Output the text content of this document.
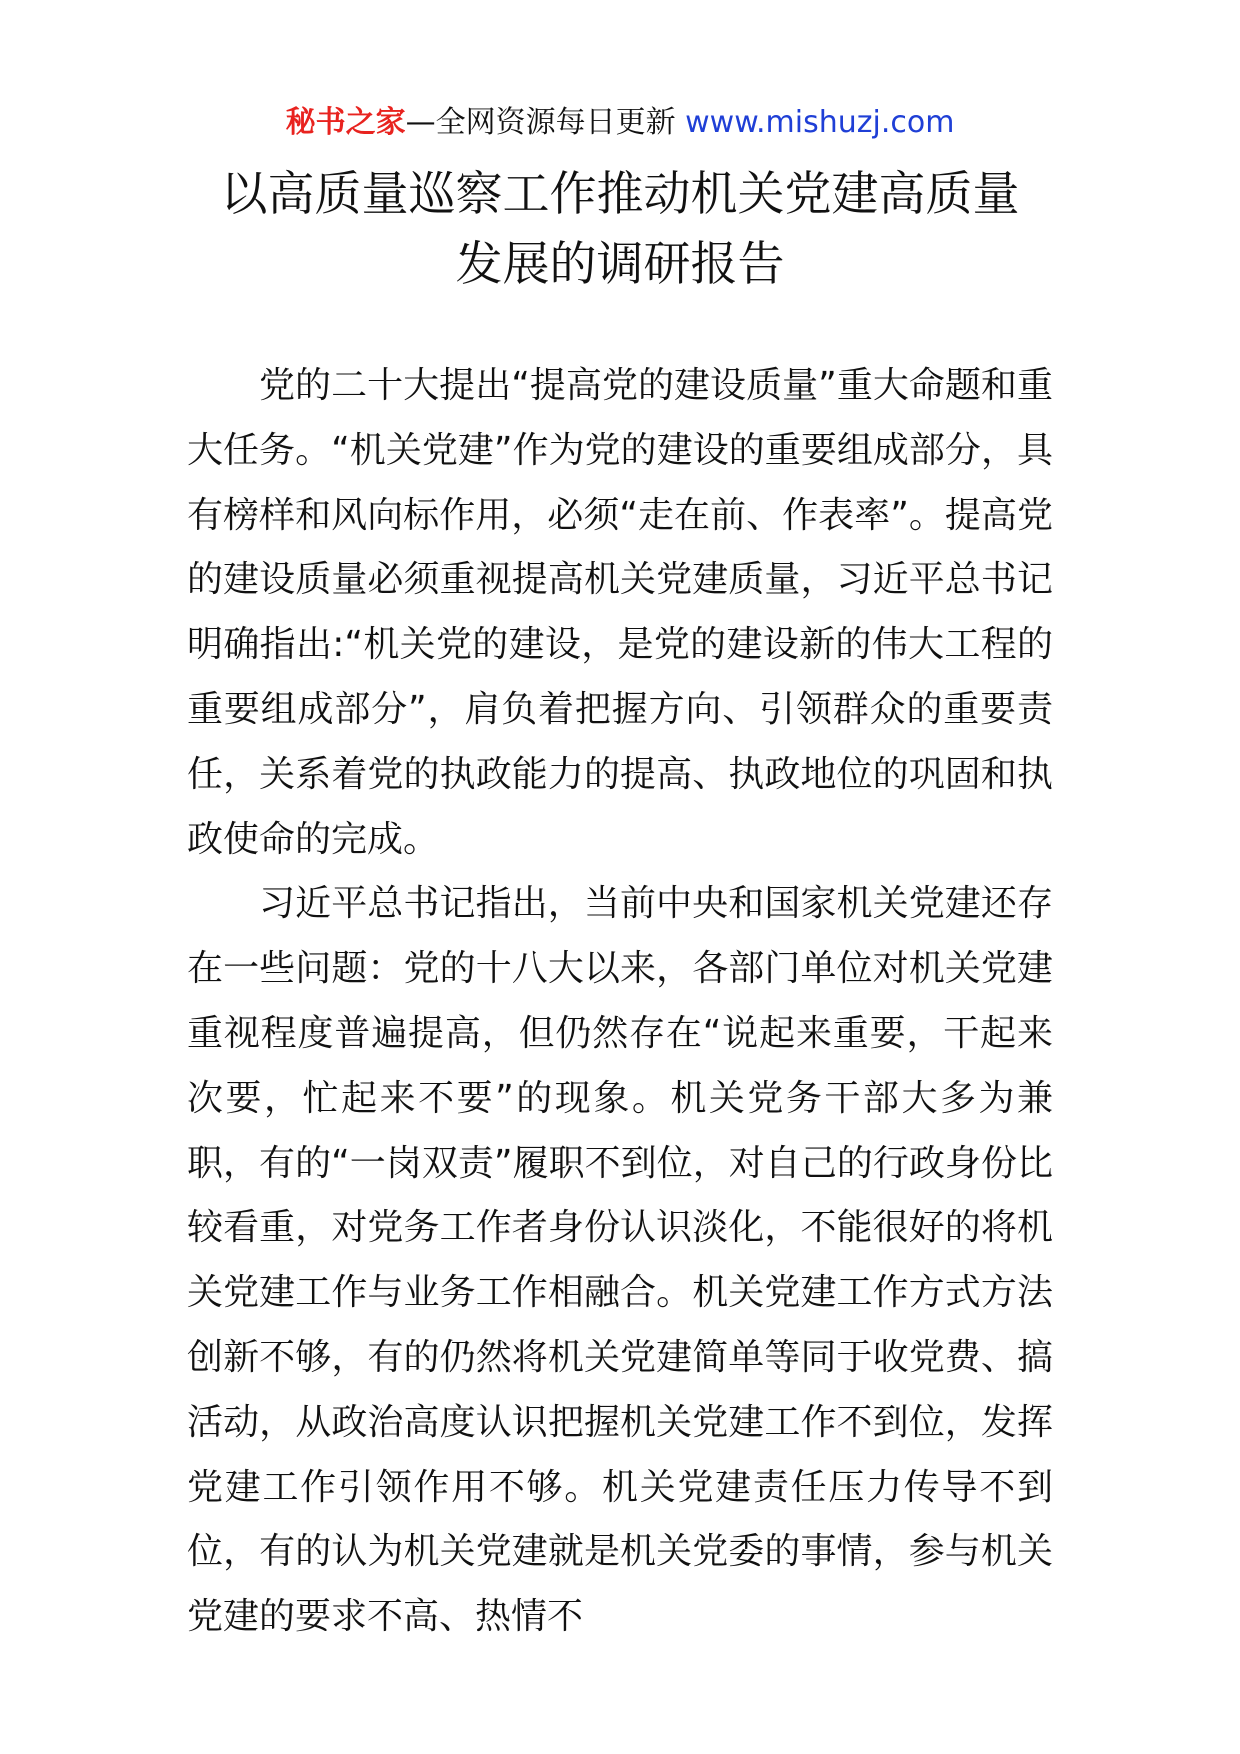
秘书之家—全网资源每日更新 www.mishuzj.com
以高质量巡察工作推动机关党建高质量
发展的调研报告

党的二十大提出“提高党的建设质量”重大命题和重大任务。“机关党建”作为党的建设的重要组成部分，具有榜样和风向标作用，必须“走在前、作表率”。提高党的建设质量必须重视提高机关党建质量，习近平总书记明确指出:“机关党的建设，是党的建设新的伟大工程的重要组成部分”，肩负着把握方向、引领群众的重要责任，关系着党的执政能力的提高、执政地位的巩固和执政使命的完成。

习近平总书记指出，当前中央和国家机关党建还存在一些问题：党的十八大以来，各部门单位对机关党建重视程度普遍提高，但仍然存在“说起来重要，干起来次要，忙起来不要”的现象。机关党务干部大多为兼职，有的“一岗双责”履职不到位，对自己的行政身份比较看重，对党务工作者身份认识淡化，不能很好的将机关党建工作与业务工作相融合。机关党建工作方式方法创新不够，有的仍然将机关党建简单等同于收党费、搞活动，从政治高度认识把握机关党建工作不到位，发挥党建工作引领作用不够。机关党建责任压力传导不到位，有的认为机关党建就是机关党委的事情，参与机关党建的要求不高、热情不
